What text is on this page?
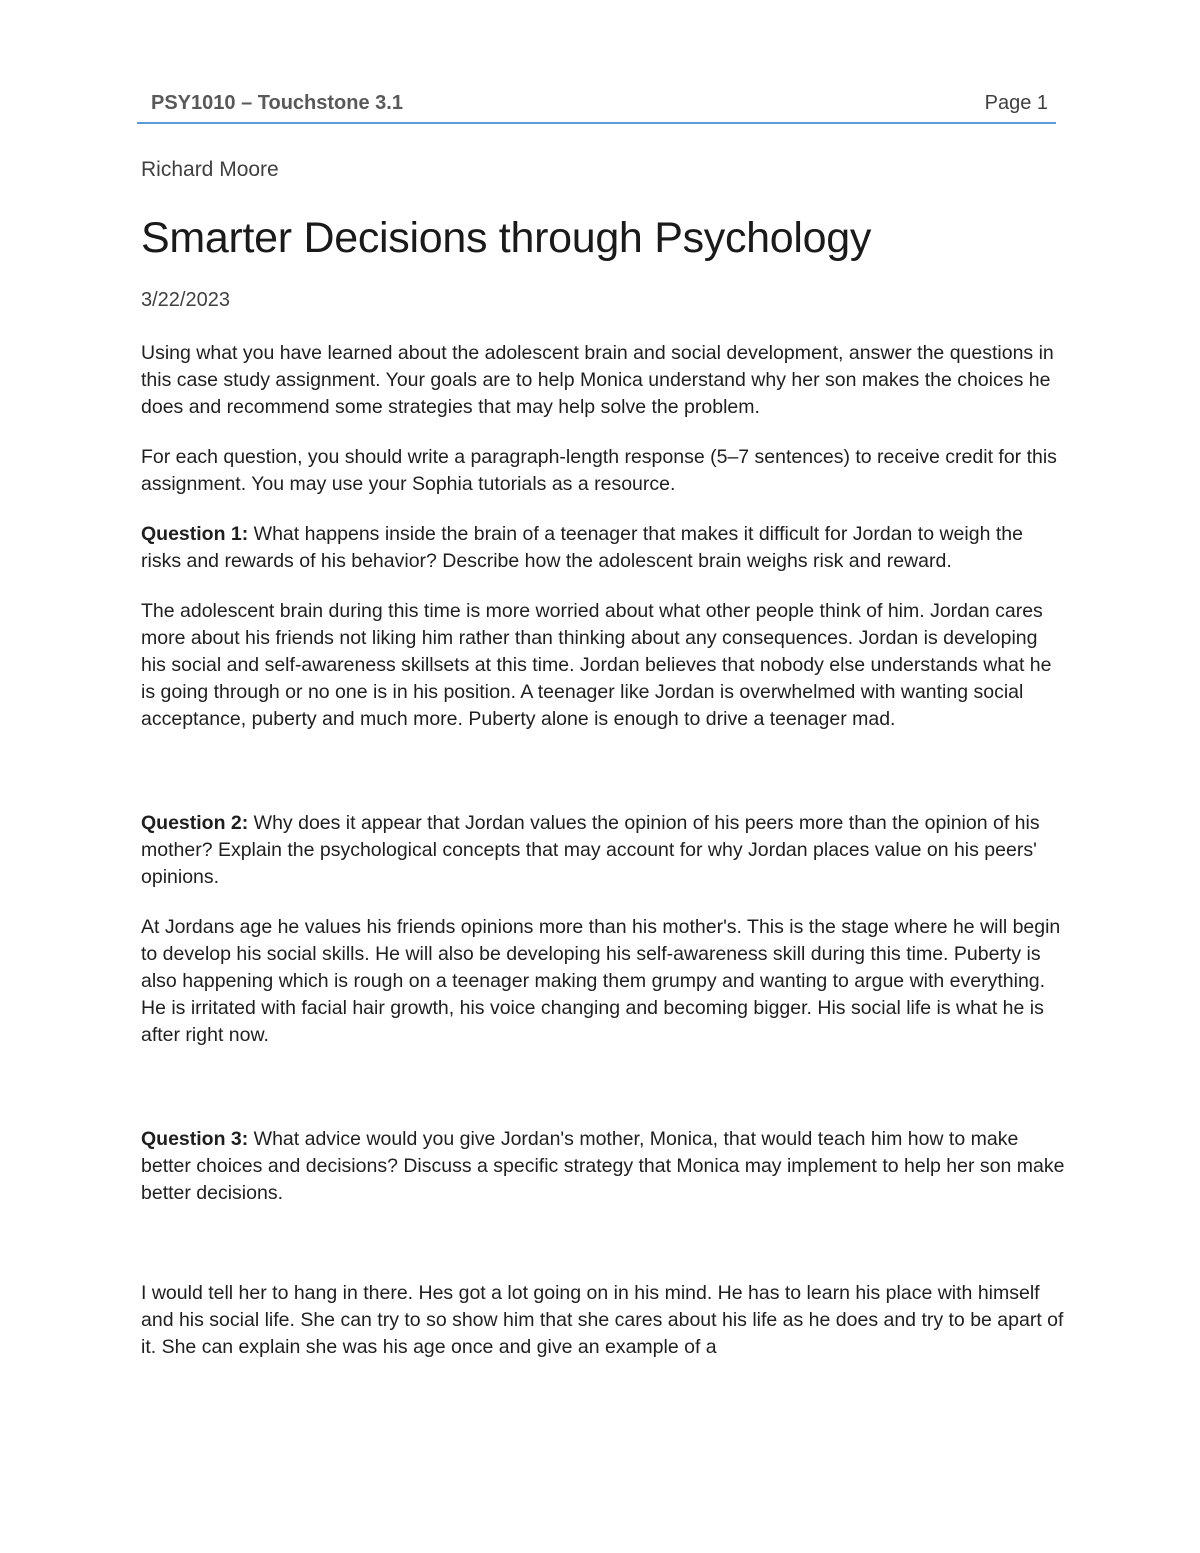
PSY1010 – Touchstone 3.1	Page 1

Richard Moore

Smarter Decisions through Psychology

3/22/2023

Using what you have learned about the adolescent brain and social development, answer the questions in this case study assignment. Your goals are to help Monica understand why her son makes the choices he does and recommend some strategies that may help solve the problem.

For each question, you should write a paragraph-length response (5–7 sentences) to receive credit for this assignment. You may use your Sophia tutorials as a resource.

Question 1: What happens inside the brain of a teenager that makes it difficult for Jordan to weigh the risks and rewards of his behavior? Describe how the adolescent brain weighs risk and reward.

The adolescent brain during this time is more worried about what other people think of him. Jordan cares more about his friends not liking him rather than thinking about any consequences. Jordan is developing his social and self-awareness skillsets at this time. Jordan believes that nobody else understands what he is going through or no one is in his position. A teenager like Jordan is overwhelmed with wanting social acceptance, puberty and much more. Puberty alone is enough to drive a teenager mad.

Question 2: Why does it appear that Jordan values the opinion of his peers more than the opinion of his mother? Explain the psychological concepts that may account for why Jordan places value on his peers' opinions.

At Jordans age he values his friends opinions more than his mother's. This is the stage where he will begin to develop his social skills. He will also be developing his self-awareness skill during this time. Puberty is also happening which is rough on a teenager making them grumpy and wanting to argue with everything. He is irritated with facial hair growth, his voice changing and becoming bigger. His social life is what he is after right now.

Question 3: What advice would you give Jordan's mother, Monica, that would teach him how to make better choices and decisions? Discuss a specific strategy that Monica may implement to help her son make better decisions.

I would tell her to hang in there. Hes got a lot going on in his mind. He has to learn his place with himself and his social life. She can try to so show him that she cares about his life as he does and try to be apart of it. She can explain she was his age once and give an example of a
